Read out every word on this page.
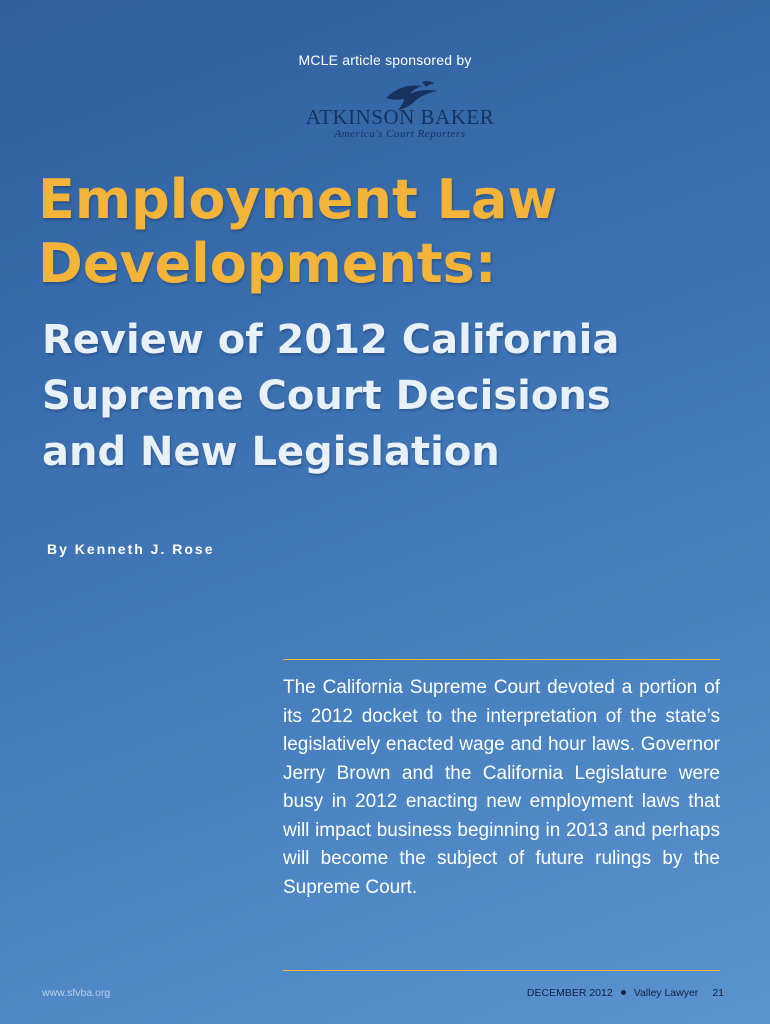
MCLE article sponsored by
ATKINSON BAKER
America's Court Reporters
Employment Law
Developments:
Review of 2012 California
Supreme Court Decisions
and New Legislation
By Kenneth J. Rose
The California Supreme Court devoted a portion of its 2012 docket to the interpretation of the state’s legislatively enacted wage and hour laws. Governor Jerry Brown and the California Legislature were busy in 2012 enacting new employment laws that will impact business beginning in 2013 and perhaps will become the subject of future rulings by the Supreme Court.
www.sfvba.org	DECEMBER 2012 Valley Lawyer 21
